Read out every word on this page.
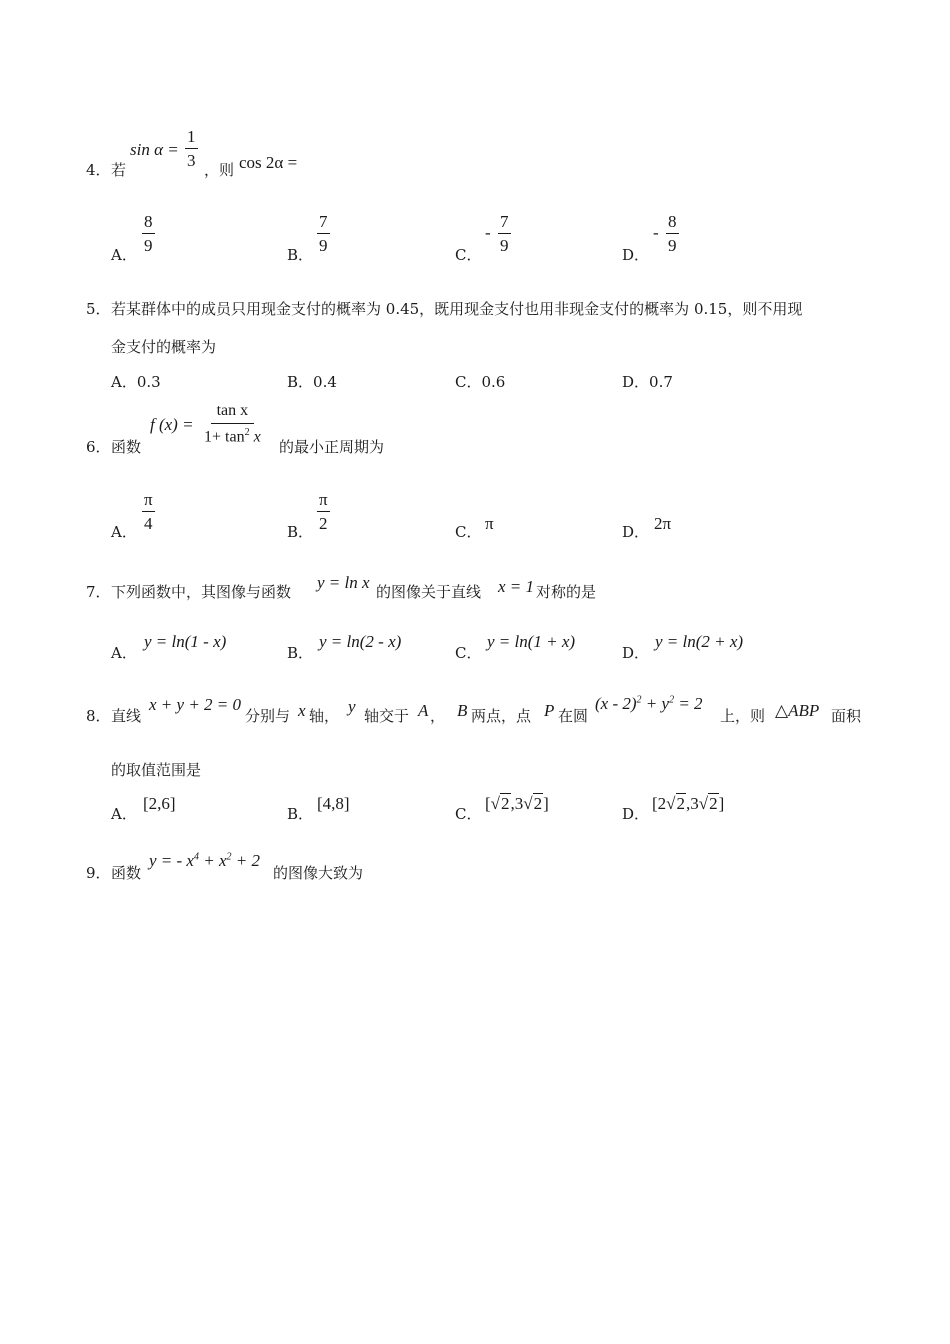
4． 若
$\sin \alpha = \frac{1}{3}$
，则 cos 2α =
A．
$\frac{8}{9}$
B．
$\frac{7}{9}$
C．
- $\frac{7}{9}$
D．
- $\frac{8}{9}$
5． 若某群体中的成员只用现金支付的概率为 0.45，既用现金支付也用非现金支付的概率为 0.15，则不用现
金支付的概率为
A．0.3	B．0.4	C．0.6	D．0.7
6． 函数
f $(x) = \frac{\text{tan x}}{1+ \tan^2 x}$
的最小正周期为
A． $\frac{\pi}{4}$	B． $\frac{\pi}{2}$	C． π	D． 2π
7． 下列函数中，其图像与函数 y = ln x 的图像关于直线 x = 1 对称的是
A．
y = ln(1 - x)
B．
y = ln(2 - x)
C．
y = ln(1 + x)
D．
y = ln(2 + x)
8． 直线
x + y + 2 = 0
分别与 x 轴， y 轴交于 A ， B 两点，点 P 在圆
$(x - 2)^2 + y^2 = 2$
上，则 △ABP 面积
的取值范围是
A．
[2,6]
B．
[4,8]
C．
[√2,3√2]
D．
[2√2,3√2]
9． 函数
y = - $x^4 + x^2 + 2$
的图像大致为
